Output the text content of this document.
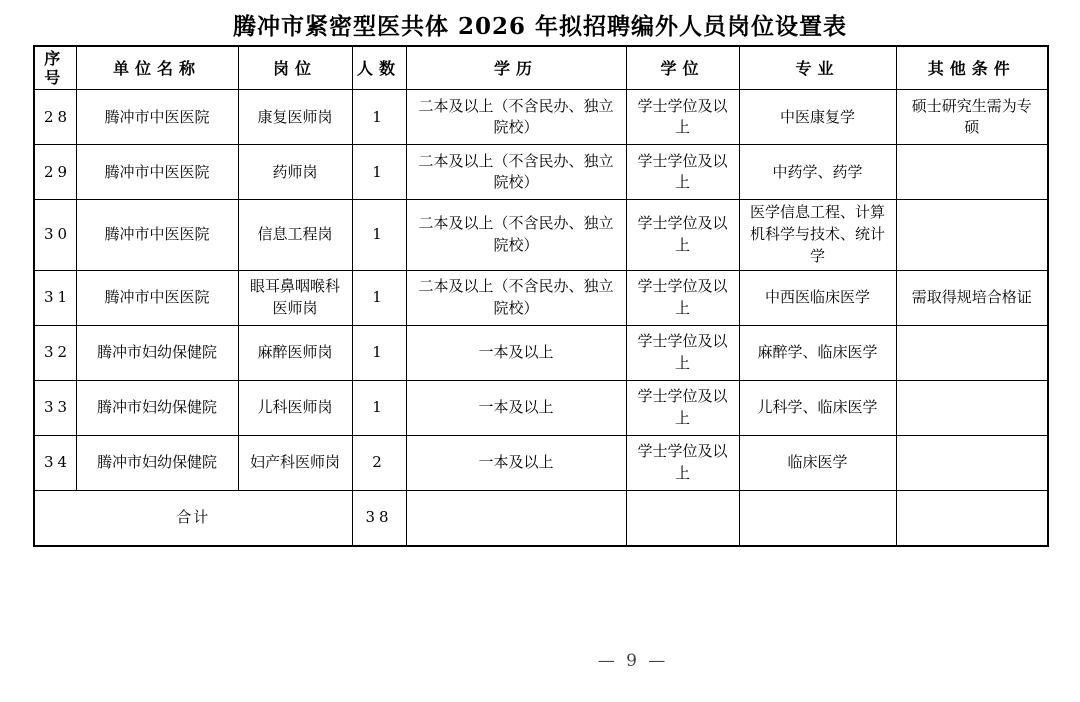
腾冲市紧密型医共体 2026 年拟招聘编外人员岗位设置表
序号	单位名称	岗位	人数	学历	学位	专业	其他条件
28	腾冲市中医医院	康复医师岗	1	二本及以上（不含民办、独立院校）	学士学位及以上	中医康复学	硕士研究生需为专硕
29	腾冲市中医医院	药师岗	1	二本及以上（不含民办、独立院校）	学士学位及以上	中药学、药学	
30	腾冲市中医医院	信息工程岗	1	二本及以上（不含民办、独立院校）	学士学位及以上	医学信息工程、计算机科学与技术、统计学	
31	腾冲市中医医院	眼耳鼻咽喉科医师岗	1	二本及以上（不含民办、独立院校）	学士学位及以上	中西医临床医学	需取得规培合格证
32	腾冲市妇幼保健院	麻醉医师岗	1	一本及以上	学士学位及以上	麻醉学、临床医学	
33	腾冲市妇幼保健院	儿科医师岗	1	一本及以上	学士学位及以上	儿科学、临床医学	
34	腾冲市妇幼保健院	妇产科医师岗	2	一本及以上	学士学位及以上	临床医学	
合计			38				
— 9 —
